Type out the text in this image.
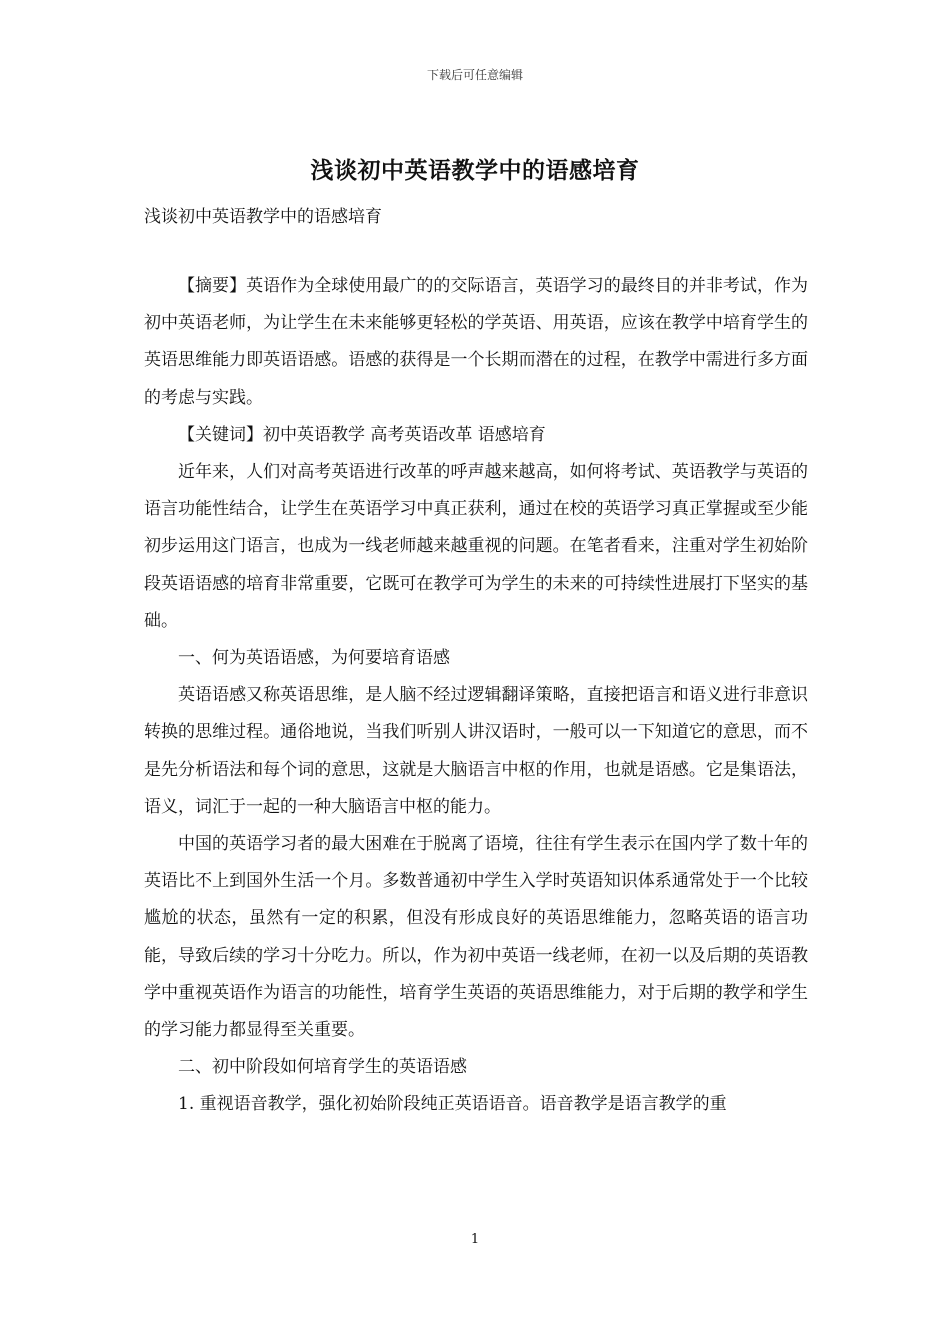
下载后可任意编辑
浅谈初中英语教学中的语感培育
浅谈初中英语教学中的语感培育

【摘要】英语作为全球使用最广的的交际语言，英语学习的最终目的并非考试，作为初中英语老师，为让学生在未来能够更轻松的学英语、用英语，应该在教学中培育学生的英语思维能力即英语语感。语感的获得是一个长期而潜在的过程，在教学中需进行多方面的考虑与实践。

【关键词】初中英语教学 高考英语改革 语感培育

近年来，人们对高考英语进行改革的呼声越来越高，如何将考试、英语教学与英语的语言功能性结合，让学生在英语学习中真正获利，通过在校的英语学习真正掌握或至少能初步运用这门语言，也成为一线老师越来越重视的问题。在笔者看来，注重对学生初始阶段英语语感的培育非常重要，它既可在教学可为学生的未来的可持续性进展打下坚实的基础。

一、何为英语语感，为何要培育语感

英语语感又称英语思维，是人脑不经过逻辑翻译策略，直接把语言和语义进行非意识转换的思维过程。通俗地说，当我们听别人讲汉语时，一般可以一下知道它的意思，而不是先分析语法和每个词的意思，这就是大脑语言中枢的作用，也就是语感。它是集语法，语义，词汇于一起的一种大脑语言中枢的能力。

中国的英语学习者的最大困难在于脱离了语境，往往有学生表示在国内学了数十年的英语比不上到国外生活一个月。多数普通初中学生入学时英语知识体系通常处于一个比较尴尬的状态，虽然有一定的积累，但没有形成良好的英语思维能力，忽略英语的语言功能，导致后续的学习十分吃力。所以，作为初中英语一线老师，在初一以及后期的英语教学中重视英语作为语言的功能性，培育学生英语的英语思维能力，对于后期的教学和学生的学习能力都显得至关重要。

二、初中阶段如何培育学生的英语语感

1. 重视语音教学，强化初始阶段纯正英语语音。语音教学是语言教学的重

1
